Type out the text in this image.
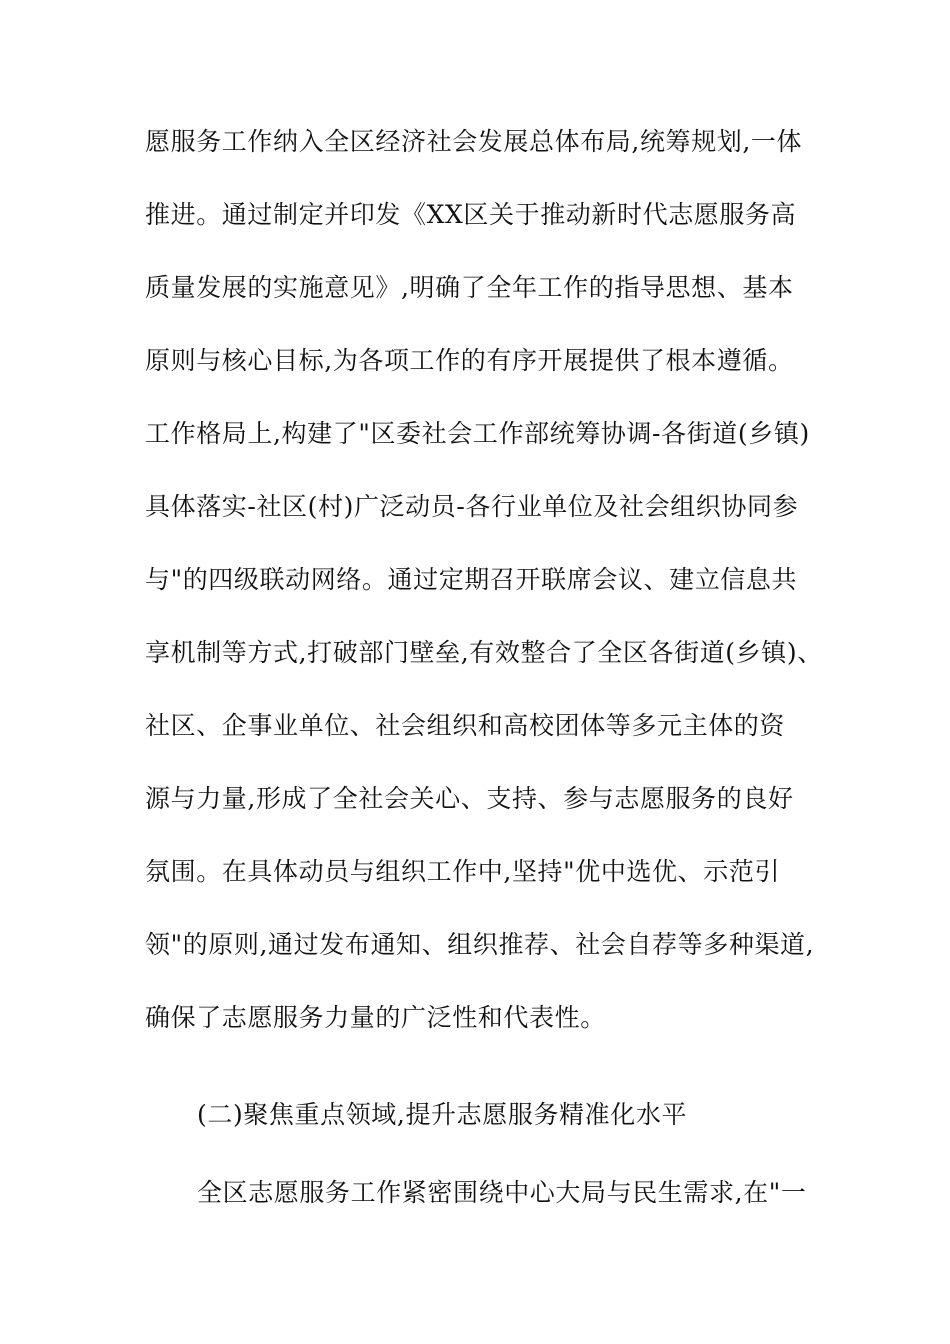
愿服务工作纳入全区经济社会发展总体布局,统筹规划,一体
推进。通过制定并印发《XX区关于推动新时代志愿服务高
质量发展的实施意见》,明确了全年工作的指导思想、基本
原则与核心目标,为各项工作的有序开展提供了根本遵循。
工作格局上,构建了"区委社会工作部统筹协调-各街道(乡镇)
具体落实-社区(村)广泛动员-各行业单位及社会组织协同参
与"的四级联动网络。通过定期召开联席会议、建立信息共
享机制等方式,打破部门壁垒,有效整合了全区各街道(乡镇)、
社区、企事业单位、社会组织和高校团体等多元主体的资
源与力量,形成了全社会关心、支持、参与志愿服务的良好
氛围。在具体动员与组织工作中,坚持"优中选优、示范引
领"的原则,通过发布通知、组织推荐、社会自荐等多种渠道,
确保了志愿服务力量的广泛性和代表性。
(二)聚焦重点领域,提升志愿服务精准化水平
全区志愿服务工作紧密围绕中心大局与民生需求,在"一
